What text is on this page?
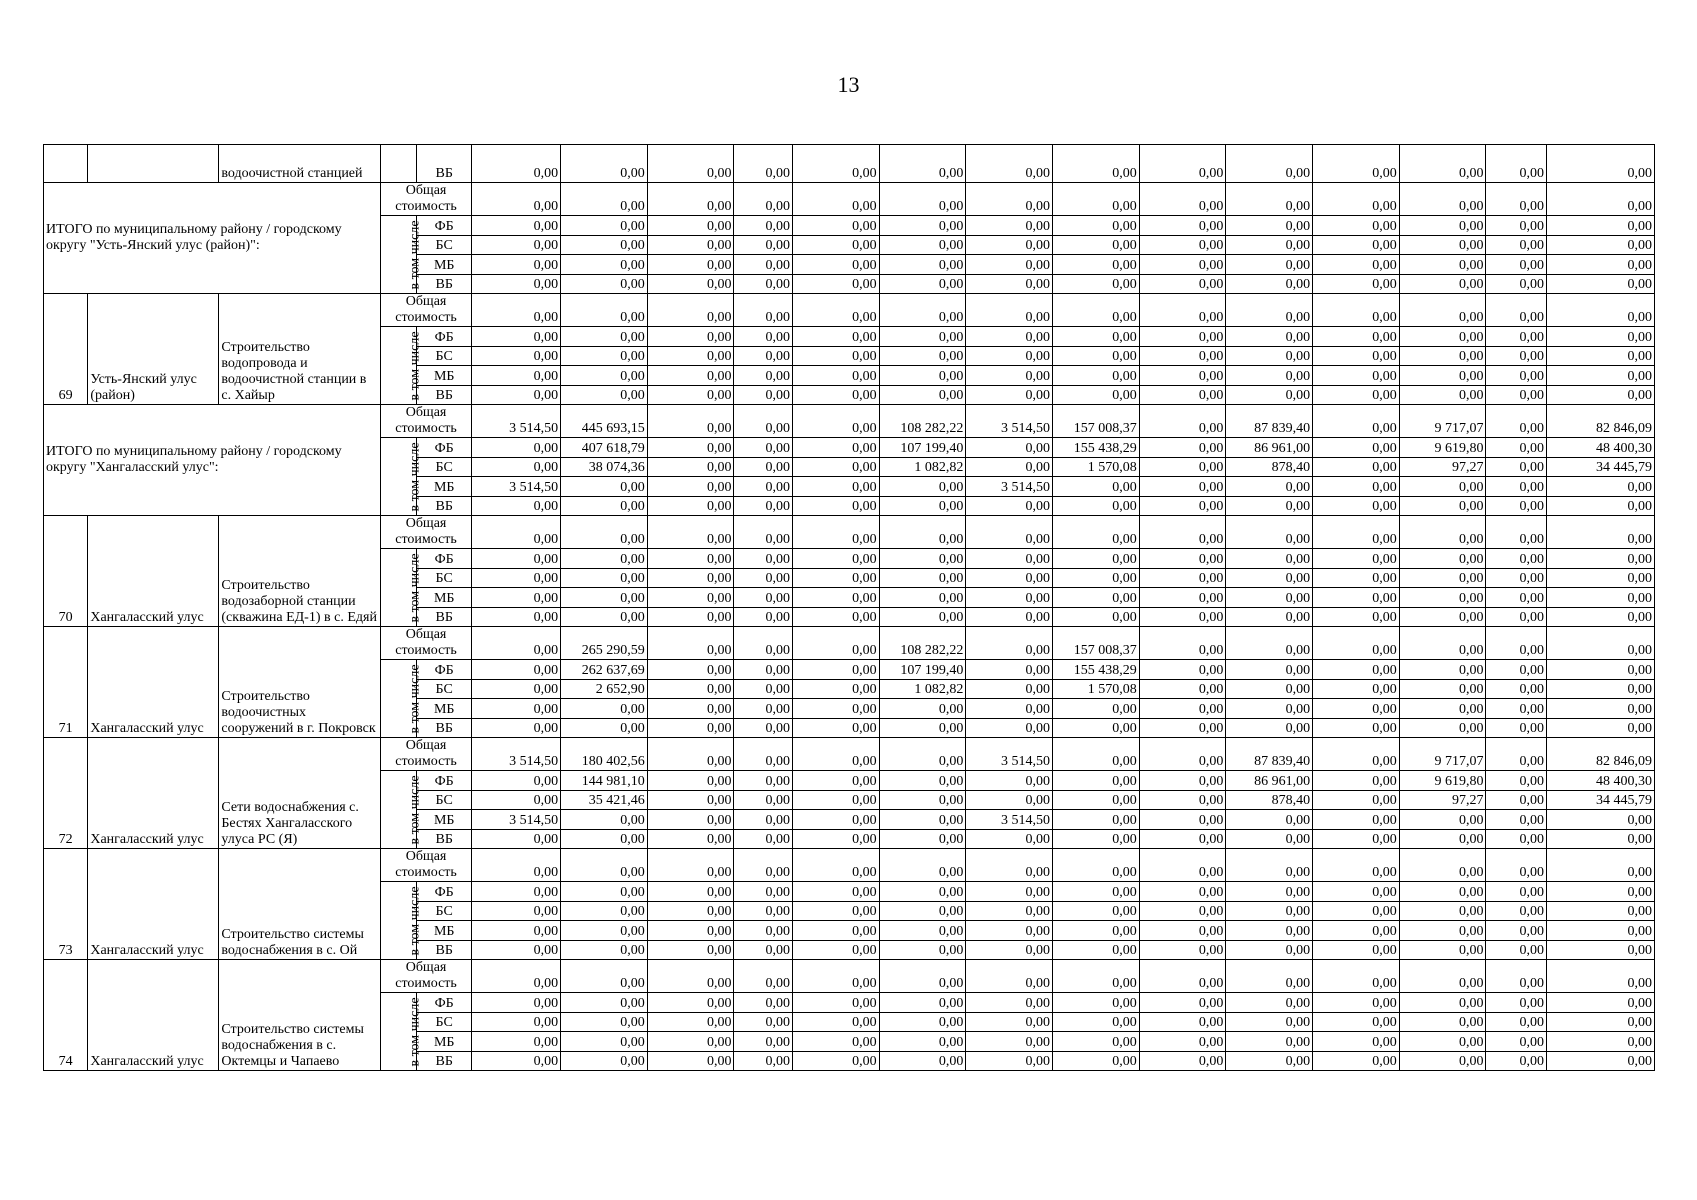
13
		водоочистной станцией		ВБ	0,00	0,00	0,00	0,00	0,00	0,00	0,00	0,00	0,00	0,00	0,00	0,00	0,00	0,00
ИТОГО по муниципальному району / городскому округу "Усть-Янский улус (район)":			Общая стоимость		0,00	0,00	0,00	0,00	0,00	0,00	0,00	0,00	0,00	0,00	0,00	0,00	0,00	0,00
			в том числе	ФБ	0,00	0,00	0,00	0,00	0,00	0,00	0,00	0,00	0,00	0,00	0,00	0,00	0,00	0,00
				БС	0,00	0,00	0,00	0,00	0,00	0,00	0,00	0,00	0,00	0,00	0,00	0,00	0,00	0,00
				МБ	0,00	0,00	0,00	0,00	0,00	0,00	0,00	0,00	0,00	0,00	0,00	0,00	0,00	0,00
				ВБ	0,00	0,00	0,00	0,00	0,00	0,00	0,00	0,00	0,00	0,00	0,00	0,00	0,00	0,00
69	Усть-Янский улус (район)	Строительство водопровода и водоочистной станции в с. Хайыр	Общая стоимость		0,00	0,00	0,00	0,00	0,00	0,00	0,00	0,00	0,00	0,00	0,00	0,00	0,00	0,00
			в том числе	ФБ	0,00	0,00	0,00	0,00	0,00	0,00	0,00	0,00	0,00	0,00	0,00	0,00	0,00	0,00
				БС	0,00	0,00	0,00	0,00	0,00	0,00	0,00	0,00	0,00	0,00	0,00	0,00	0,00	0,00
				МБ	0,00	0,00	0,00	0,00	0,00	0,00	0,00	0,00	0,00	0,00	0,00	0,00	0,00	0,00
				ВБ	0,00	0,00	0,00	0,00	0,00	0,00	0,00	0,00	0,00	0,00	0,00	0,00	0,00	0,00
ИТОГО по муниципальному району / городскому округу "Хангаласский улус":			Общая стоимость		3 514,50	445 693,15	0,00	0,00	0,00	108 282,22	3 514,50	157 008,37	0,00	87 839,40	0,00	9 717,07	0,00	82 846,09
			в том числе	ФБ	0,00	407 618,79	0,00	0,00	0,00	107 199,40	0,00	155 438,29	0,00	86 961,00	0,00	9 619,80	0,00	48 400,30
				БС	0,00	38 074,36	0,00	0,00	0,00	1 082,82	0,00	1 570,08	0,00	878,40	0,00	97,27	0,00	34 445,79
				МБ	3 514,50	0,00	0,00	0,00	0,00	0,00	3 514,50	0,00	0,00	0,00	0,00	0,00	0,00	0,00
				ВБ	0,00	0,00	0,00	0,00	0,00	0,00	0,00	0,00	0,00	0,00	0,00	0,00	0,00	0,00
70	Хангаласский улус	Строительство водозаборной станции (скважина ЕД-1) в с. Едяй	Общая стоимость		0,00	0,00	0,00	0,00	0,00	0,00	0,00	0,00	0,00	0,00	0,00	0,00	0,00	0,00
			в том числе	ФБ	0,00	0,00	0,00	0,00	0,00	0,00	0,00	0,00	0,00	0,00	0,00	0,00	0,00	0,00
				БС	0,00	0,00	0,00	0,00	0,00	0,00	0,00	0,00	0,00	0,00	0,00	0,00	0,00	0,00
				МБ	0,00	0,00	0,00	0,00	0,00	0,00	0,00	0,00	0,00	0,00	0,00	0,00	0,00	0,00
				ВБ	0,00	0,00	0,00	0,00	0,00	0,00	0,00	0,00	0,00	0,00	0,00	0,00	0,00	0,00
71	Хангаласский улус	Строительство водоочистных сооружений в г. Покровск	Общая стоимость		0,00	265 290,59	0,00	0,00	0,00	108 282,22	0,00	157 008,37	0,00	0,00	0,00	0,00	0,00	0,00
			в том числе	ФБ	0,00	262 637,69	0,00	0,00	0,00	107 199,40	0,00	155 438,29	0,00	0,00	0,00	0,00	0,00	0,00
				БС	0,00	2 652,90	0,00	0,00	0,00	1 082,82	0,00	1 570,08	0,00	0,00	0,00	0,00	0,00	0,00
				МБ	0,00	0,00	0,00	0,00	0,00	0,00	0,00	0,00	0,00	0,00	0,00	0,00	0,00	0,00
				ВБ	0,00	0,00	0,00	0,00	0,00	0,00	0,00	0,00	0,00	0,00	0,00	0,00	0,00	0,00
72	Хангаласский улус	Сети водоснабжения с. Бестях Хангаласского улуса РС (Я)	Общая стоимость		3 514,50	180 402,56	0,00	0,00	0,00	0,00	3 514,50	0,00	0,00	87 839,40	0,00	9 717,07	0,00	82 846,09
			в том числе	ФБ	0,00	144 981,10	0,00	0,00	0,00	0,00	0,00	0,00	0,00	86 961,00	0,00	9 619,80	0,00	48 400,30
				БС	0,00	35 421,46	0,00	0,00	0,00	0,00	0,00	0,00	0,00	878,40	0,00	97,27	0,00	34 445,79
				МБ	3 514,50	0,00	0,00	0,00	0,00	0,00	3 514,50	0,00	0,00	0,00	0,00	0,00	0,00	0,00
				ВБ	0,00	0,00	0,00	0,00	0,00	0,00	0,00	0,00	0,00	0,00	0,00	0,00	0,00	0,00
73	Хангаласский улус	Строительство системы водоснабжения в с. Ой	Общая стоимость		0,00	0,00	0,00	0,00	0,00	0,00	0,00	0,00	0,00	0,00	0,00	0,00	0,00	0,00
			в том числе	ФБ	0,00	0,00	0,00	0,00	0,00	0,00	0,00	0,00	0,00	0,00	0,00	0,00	0,00	0,00
				БС	0,00	0,00	0,00	0,00	0,00	0,00	0,00	0,00	0,00	0,00	0,00	0,00	0,00	0,00
				МБ	0,00	0,00	0,00	0,00	0,00	0,00	0,00	0,00	0,00	0,00	0,00	0,00	0,00	0,00
				ВБ	0,00	0,00	0,00	0,00	0,00	0,00	0,00	0,00	0,00	0,00	0,00	0,00	0,00	0,00
74	Хангаласский улус	Строительство системы водоснабжения в с. Октемцы и Чапаево	Общая стоимость		0,00	0,00	0,00	0,00	0,00	0,00	0,00	0,00	0,00	0,00	0,00	0,00	0,00	0,00
			в том числе	ФБ	0,00	0,00	0,00	0,00	0,00	0,00	0,00	0,00	0,00	0,00	0,00	0,00	0,00	0,00
				БС	0,00	0,00	0,00	0,00	0,00	0,00	0,00	0,00	0,00	0,00	0,00	0,00	0,00	0,00
				МБ	0,00	0,00	0,00	0,00	0,00	0,00	0,00	0,00	0,00	0,00	0,00	0,00	0,00	0,00
				ВБ	0,00	0,00	0,00	0,00	0,00	0,00	0,00	0,00	0,00	0,00	0,00	0,00	0,00	0,00
